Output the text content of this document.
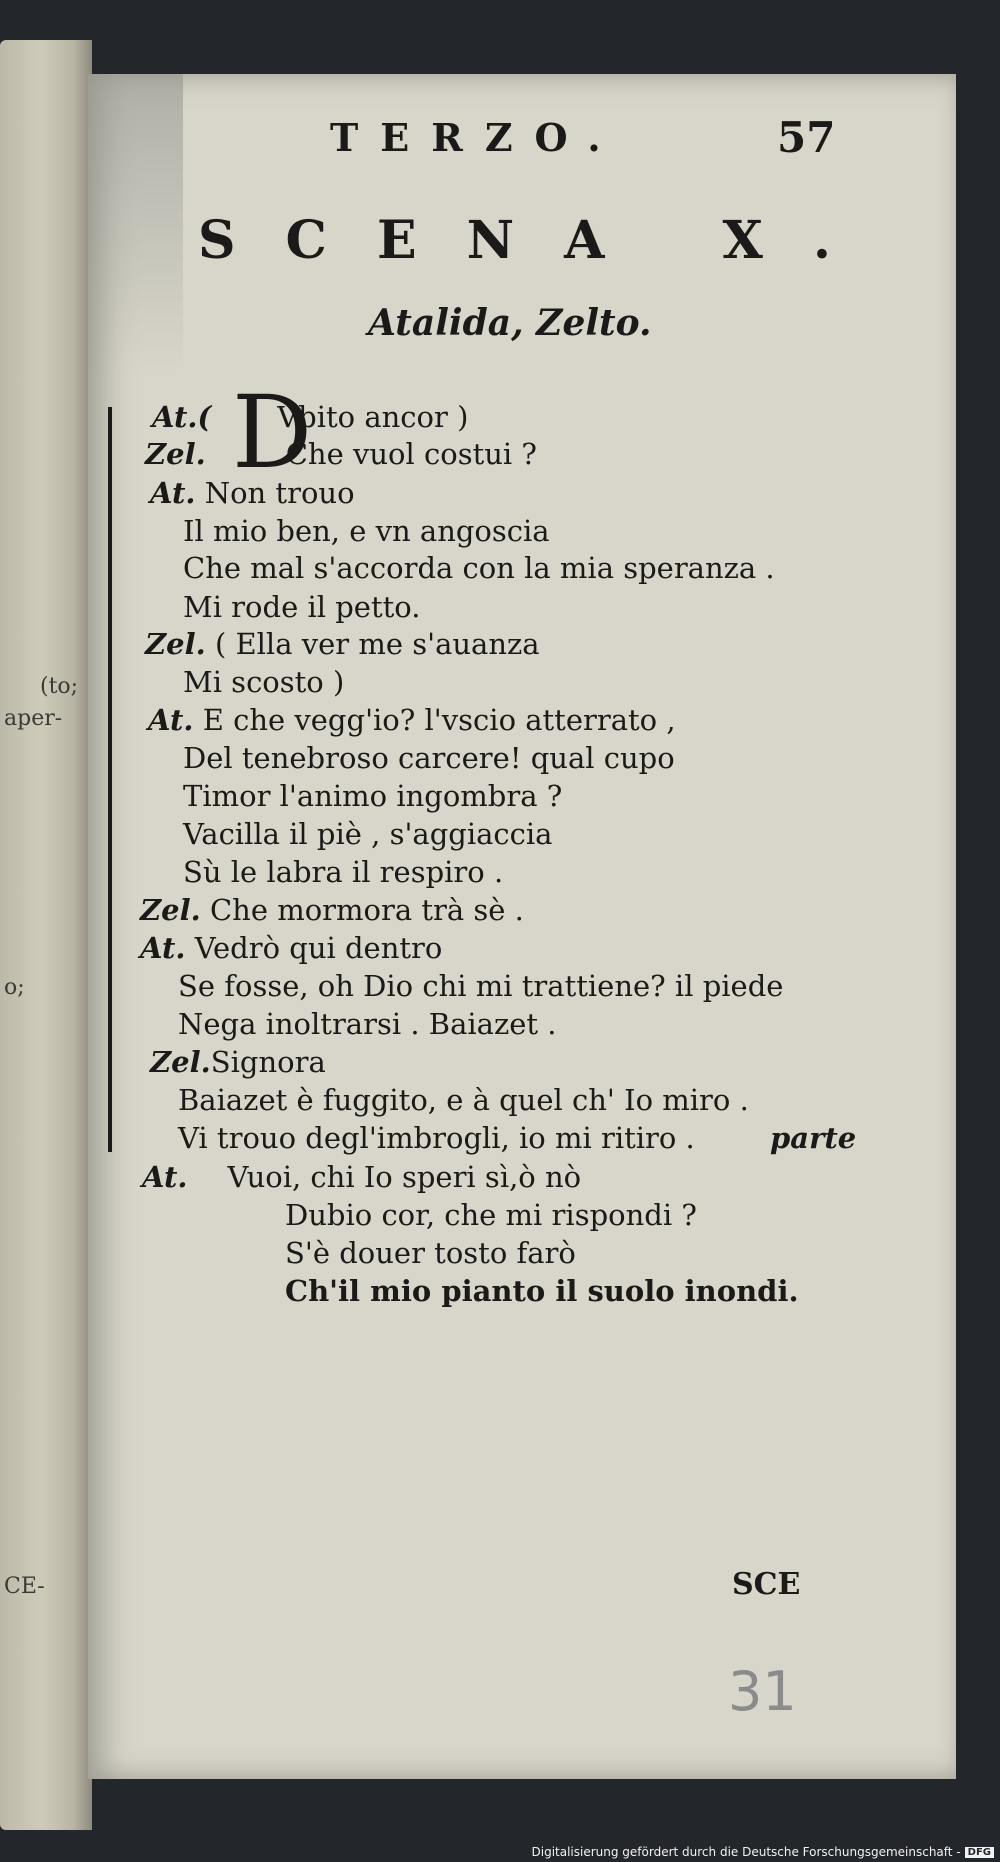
(to;
aper-
o;
CE-
TERZO.	57
SCENA X.
Atalida, Zelto.
D
At.( Vbito ancor )
Zel.	Che vuol costui ?
At. Non trouo
Il mio ben, e vn angoscia
Che mal s'accorda con la mia speranza .
Mi rode il petto.
Zel. ( Ella ver me s'auanza
Mi scosto )
At. E che vegg'io? l'vscio atterrato ,
Del tenebroso carcere! qual cupo
Timor l'animo ingombra ?
Vacilla il piè , s'aggiaccia
Sù le labra il respiro .
Zel. Che mormora trà sè .
At. Vedrò qui dentro
Se fosse, oh Dio chi mi trattiene? il piede
Nega inoltrarsi . Baiazet .
Zel.Signora
Baiazet è fuggito, e à quel ch' Io miro .
Vi trouo degl'imbrogli, io mi ritiro .	parte
At. Vuoi, chi Io speri sì,ò nò
Dubio cor, che mi rispondi ?
S'è douer tosto farò
Ch'il mio pianto il suolo inondi.
SCE
31
Digitalisierung gefördert durch die Deutsche Forschungsgemeinschaft - DFG
